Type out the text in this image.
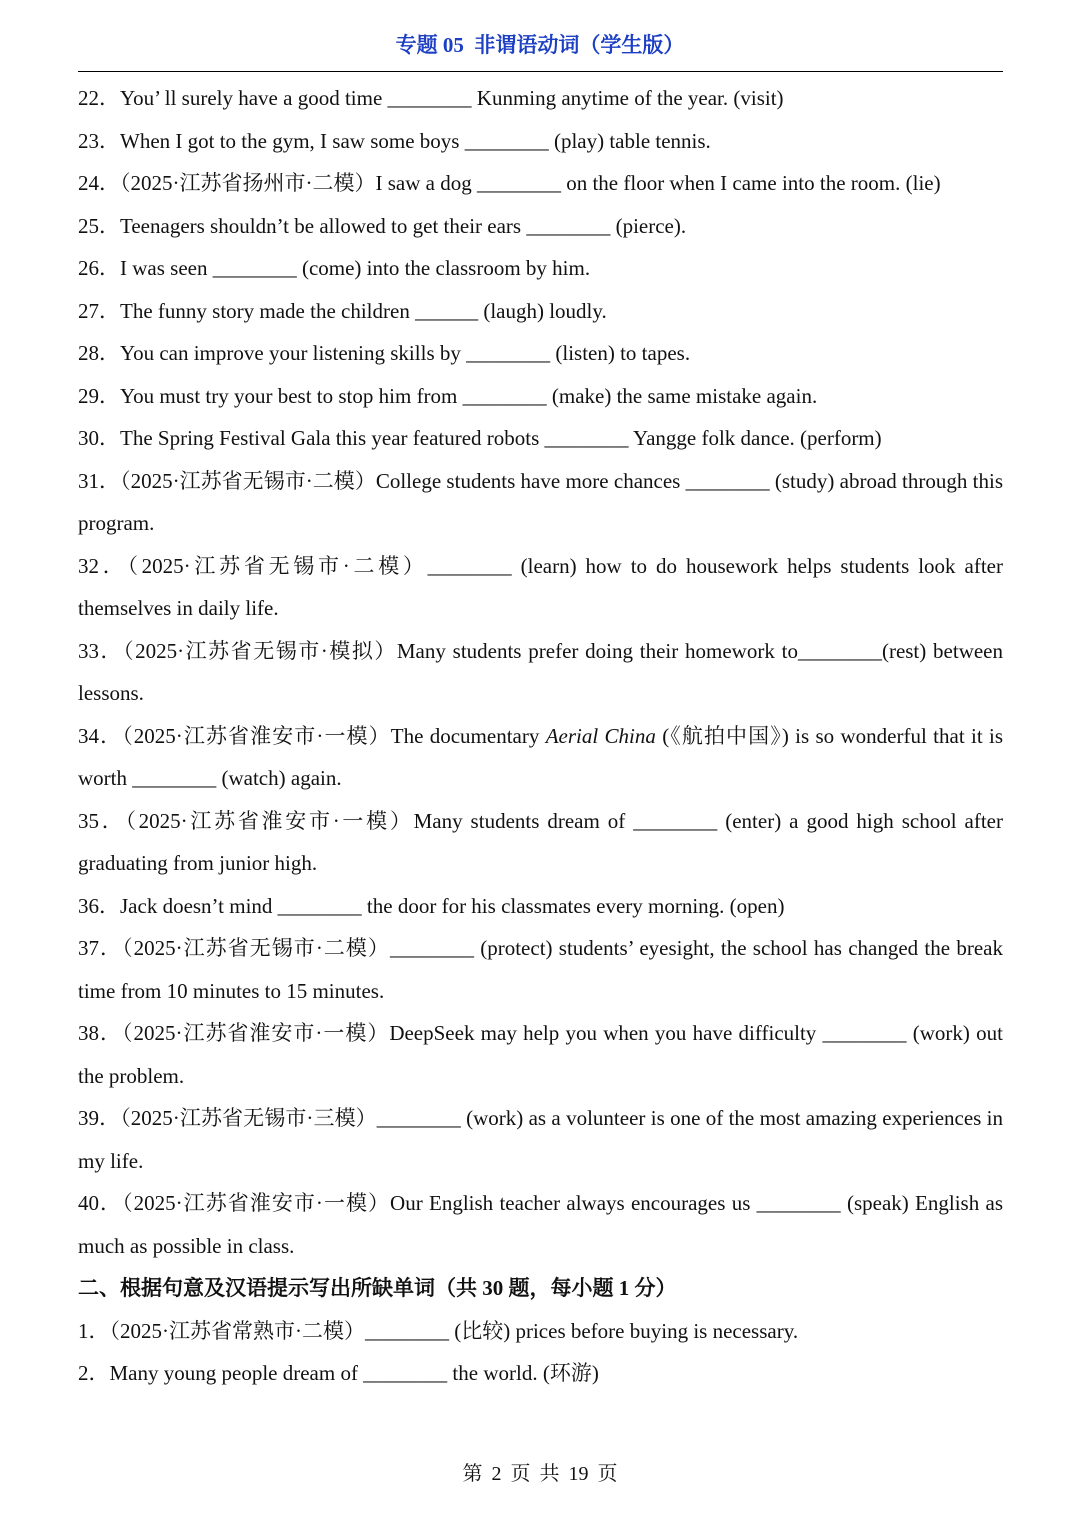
专题 05  非谓语动词（学生版）

22．You’ ll surely have a good time ________ Kunming anytime of the year. (visit)

23．When I got to the gym, I saw some boys ________ (play) table tennis.

24．（2025·江苏省扬州市·二模）I saw a dog ________ on the floor when I came into the room. (lie)

25．Teenagers shouldn’t be allowed to get their ears ________ (pierce).

26．I was seen ________ (come) into the classroom by him.

27．The funny story made the children ______ (laugh) loudly.

28．You can improve your listening skills by ________ (listen) to tapes.

29．You must try your best to stop him from ________ (make) the same mistake again.

30．The Spring Festival Gala this year featured robots ________ Yangge folk dance. (perform)

31．（2025·江苏省无锡市·二模）College students have more chances ________ (study) abroad through this program.

32．（2025·江苏省无锡市·二模）________ (learn) how to do housework helps students look after themselves in daily life.

33．（2025·江苏省无锡市·模拟）Many students prefer doing their homework to________(rest) between lessons.

34．（2025·江苏省淮安市·一模）The documentary Aerial China (《航拍中国》) is so wonderful that it is worth ________ (watch) again.

35．（2025·江苏省淮安市·一模）Many students dream of ________ (enter) a good high school after graduating from junior high.

36．Jack doesn’t mind ________ the door for his classmates every morning. (open)

37．（2025·江苏省无锡市·二模）________ (protect) students’ eyesight, the school has changed the break time from 10 minutes to 15 minutes.

38．（2025·江苏省淮安市·一模）DeepSeek may help you when you have difficulty ________ (work) out the problem.

39．（2025·江苏省无锡市·三模）________ (work) as a volunteer is one of the most amazing experiences in my life.

40．（2025·江苏省淮安市·一模）Our English teacher always encourages us ________ (speak) English as much as possible in class.

二、根据句意及汉语提示写出所缺单词（共 30 题，每小题 1 分）

1．（2025·江苏省常熟市·二模）________ (比较) prices before buying is necessary.

2．Many young people dream of ________ the world. (环游)

第 2 页 共 19 页
